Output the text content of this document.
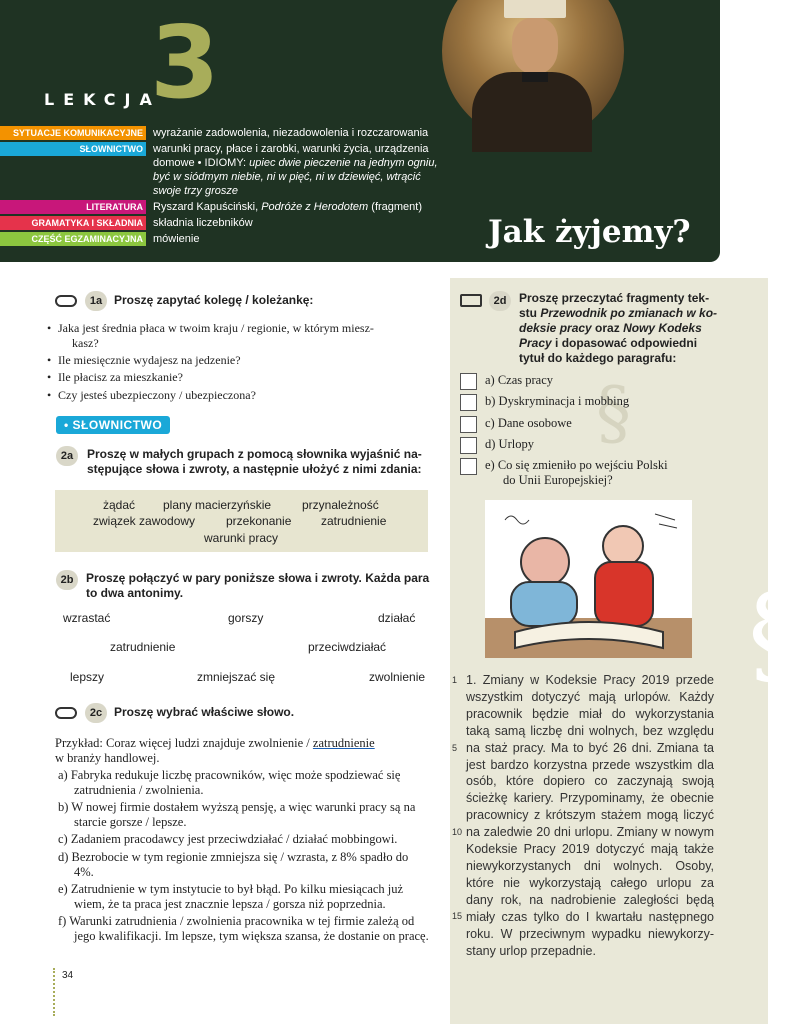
LEKCJA
3
SYTUACJE KOMUNIKACYJNE wyrażanie zadowolenia, niezadowolenia i rozczarowania
SŁOWNICTWO warunki pracy, płace i zarobki, warunki życia, urządzenia domowe • IDIOMY: upiec dwie pieczenie na jednym ogniu, być w siódmym niebie, ni w pięć, ni w dziewięć, wtrącić swoje trzy grosze
LITERATURA Ryszard Kapuściński, Podróże z Herodotem (fragment)
GRAMATYKA I SKŁADNIA składnia liczebników
CZĘŚĆ EGZAMINACYJNA mówienie	Jak żyjemy?
1a Proszę zapytać kolegę / koleżankę:
• Jaka jest średnia płaca w twoim kraju / regionie, w którym miesz-
kasz?
• Ile miesięcznie wydajesz na jedzenie?
• Ile płacisz za mieszkanie?
• Czy jesteś ubezpieczony / ubezpieczona?
• SŁOWNICTWO
2a	Proszę w małych grupach z pomocą słownika wyjaśnić na-
stępujące słowa i zwroty, a następnie ułożyć z nimi zdania:
żądać plany macierzyńskie	przynależność
związek zawodowy	przekonanie zatrudnienie
warunki pracy
2b	Proszę połączyć w pary poniższe słowa i zwroty. Każda para
to dwa antonimy.
wzrastać	gorszy	działać
zatrudnienie	przeciwdziałać
lepszy	zmniejszać się	zwolnienie
2c Proszę wybrać właściwe słowo.
Przykład: Coraz więcej ludzi znajduje zwolnienie / zatrudnienie
w branży handlowej.
a) Fabryka redukuje liczbę pracowników, więc może spodziewać się zatrudnienia / zwolnienia.
b) W nowej firmie dostałem wyższą pensję, a więc warunki pracy są na starcie gorsze / lepsze.
c) Zadaniem pracodawcy jest przeciwdziałać / działać mobbingowi.
d) Bezrobocie w tym regionie zmniejsza się / wzrasta, z 8% spadło do 4%.
e) Zatrudnienie w tym instytucie to był błąd. Po kilku miesiącach już wiem, że ta praca jest znacznie lepsza / gorsza niż poprzednia.
f) Warunki zatrudnienia / zwolnienia pracownika w tej firmie zależą od jego kwalifikacji. Im lepsze, tym większa szansa, że dostanie on pracę.
34
§
§
2d	Proszę przeczytać fragmenty tek-
stu Przewodnik po zmianach w ko-
deksie pracy oraz Nowy Kodeks
Pracy i dopasować odpowiedni
tytuł do każdego paragrafu:
a) Czas pracy
b) Dyskryminacja i mobbing
c) Dane osobowe
d) Urlopy
e) Co się zmieniło po wejściu Polski
do Unii Europejskiej?
1
5
10
15
1. Zmiany w Kodeksie Pracy 2019 przede wszystkim dotyczyć mają urlopów. Każdy pracownik będzie miał do wykorzystania taką samą liczbę dni wolnych, bez względu na staż pracy. Ma to być 26 dni. Zmiana ta jest bardzo korzystna przede wszystkim dla osób, które dopiero co zaczynają swoją ścieżkę kariery. Przypominamy, że obecnie pracownicy z krótszym stażem mogą liczyć na zaledwie 20 dni urlopu. Zmiany w nowym Kodeksie Pracy 2019 dotyczyć mają także niewykorzystanych dni wolnych. Osoby, które nie wykorzystają całego urlopu za dany rok, na nadrobienie zaległości będą miały czas tylko do I kwartału następnego roku. W przeciwnym wypadku niewykorzystany urlop przepadnie.
